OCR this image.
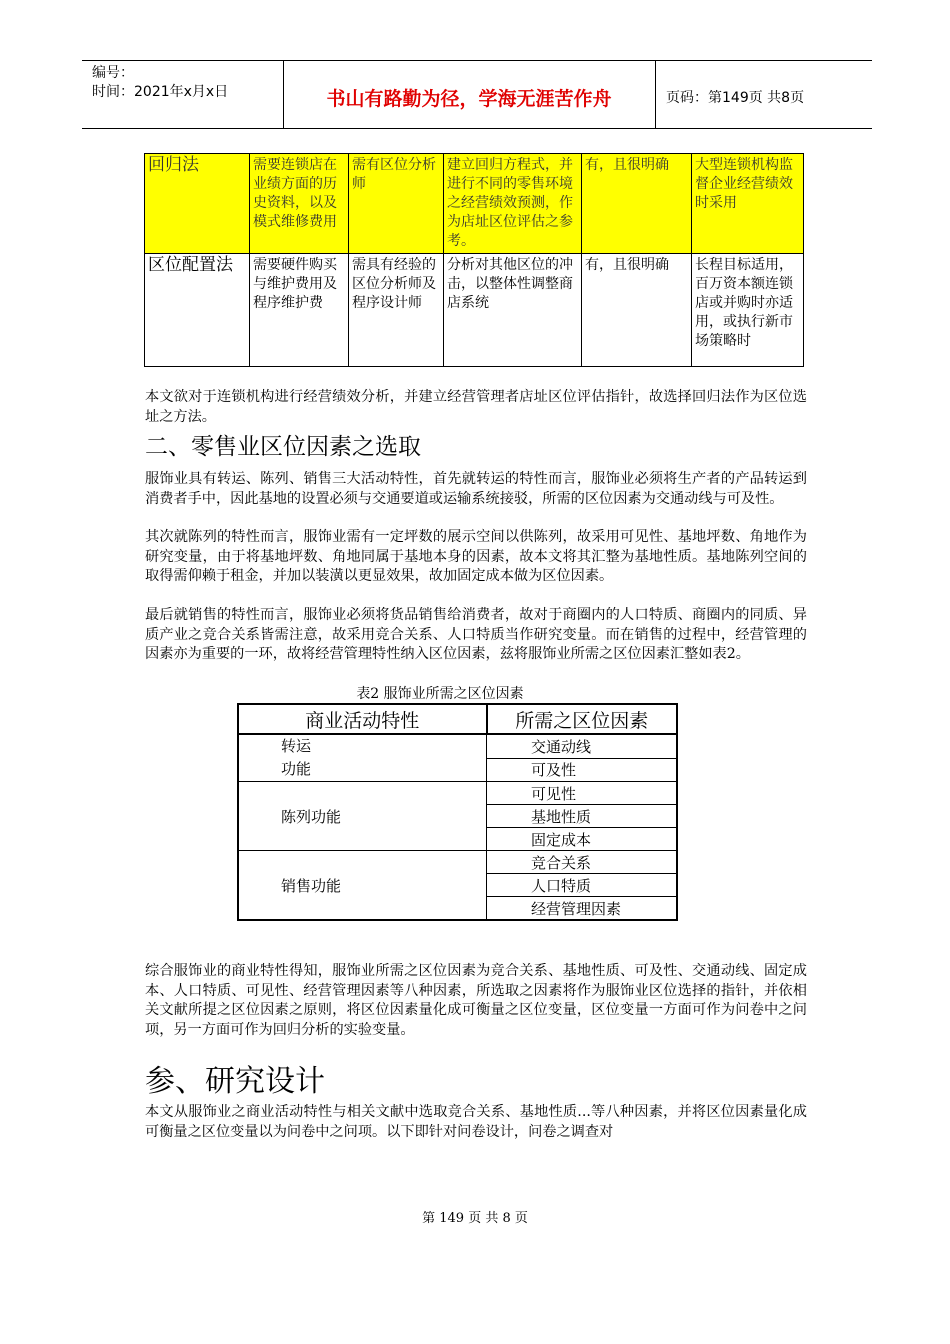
编号：
时间：2021年x月x日	书山有路勤为径，学海无涯苦作舟	页码：第149页 共8页
回归法	需要连锁店在业绩方面的历史资料，以及模式维修费用	需有区位分析师	建立回归方程式，并进行不同的零售环境之经营绩效预测，作为店址区位评估之参考。	有，且很明确	大型连锁机构监督企业经营绩效时采用
区位配置法	需要硬件购买与维护费用及程序维护费	需具有经验的区位分析师及程序设计师	分析对其他区位的冲击，以整体性调整商店系统	有，且很明确	长程目标适用，百万资本额连锁店或并购时亦适用，或执行新市场策略时
本文欲对于连锁机构进行经营绩效分析，并建立经营管理者店址区位评估指针，故选择回归法作为区位选址之方法。
二、零售业区位因素之选取
服饰业具有转运、陈列、销售三大活动特性，首先就转运的特性而言，服饰业必须将生产者的产品转运到消费者手中，因此基地的设置必须与交通要道或运输系统接驳，所需的区位因素为交通动线与可及性。
其次就陈列的特性而言，服饰业需有一定坪数的展示空间以供陈列，故采用可见性、基地坪数、角地作为研究变量，由于将基地坪数、角地同属于基地本身的因素，故本文将其汇整为基地性质。基地陈列空间的取得需仰赖于租金，并加以装潢以更显效果，故加固定成本做为区位因素。
最后就销售的特性而言，服饰业必须将货品销售给消费者，故对于商圈内的人口特质、商圈内的同质、异质产业之竞合关系皆需注意，故采用竞合关系、人口特质当作研究变量。而在销售的过程中，经营管理的因素亦为重要的一环，故将经营管理特性纳入区位因素，兹将服饰业所需之区位因素汇整如表2。
表2 服饰业所需之区位因素
商业活动特性	所需之区位因素

转运功能	交通动线
	可及性
陈列功能	可见性
	基地性质
	固定成本
销售功能	竞合关系
	人口特质
	经营管理因素
综合服饰业的商业特性得知，服饰业所需之区位因素为竞合关系、基地性质、可及性、交通动线、固定成本、人口特质、可见性、经营管理因素等八种因素，所选取之因素将作为服饰业区位选择的指针，并依相关文献所提之区位因素之原则，将区位因素量化成可衡量之区位变量，区位变量一方面可作为问卷中之问项，另一方面可作为回归分析的实验变量。
参、研究设计
本文从服饰业之商业活动特性与相关文献中选取竞合关系、基地性质...等八种因素，并将区位因素量化成可衡量之区位变量以为问卷中之问项。以下即针对问卷设计，问卷之调查对
第 149 页 共 8 页
